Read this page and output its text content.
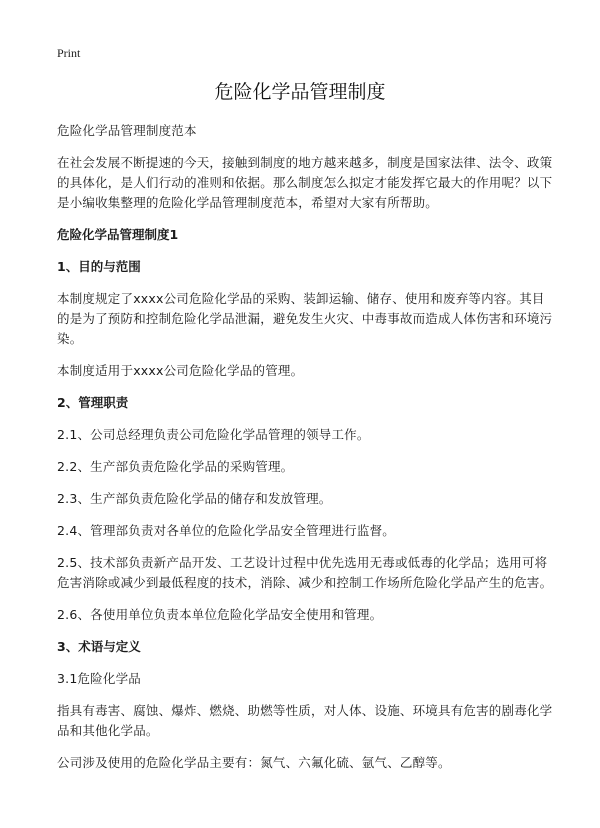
Print
危险化学品管理制度

危险化学品管理制度范本

在社会发展不断提速的今天，接触到制度的地方越来越多，制度是国家法律、法令、政策的具体化，是人们行动的准则和依据。那么制度怎么拟定才能发挥它最大的作用呢？以下是小编收集整理的危险化学品管理制度范本，希望对大家有所帮助。

危险化学品管理制度1

1、目的与范围

本制度规定了xxxx公司危险化学品的采购、装卸运输、储存、使用和废弃等内容。其目的是为了预防和控制危险化学品泄漏，避免发生火灾、中毒事故而造成人体伤害和环境污染。

本制度适用于xxxx公司危险化学品的管理。

2、管理职责

2.1、公司总经理负责公司危险化学品管理的领导工作。

2.2、生产部负责危险化学品的采购管理。

2.3、生产部负责危险化学品的储存和发放管理。

2.4、管理部负责对各单位的危险化学品安全管理进行监督。

2.5、技术部负责新产品开发、工艺设计过程中优先选用无毒或低毒的化学品；选用可将危害消除或减少到最低程度的技术，消除、减少和控制工作场所危险化学品产生的危害。

2.6、各使用单位负责本单位危险化学品安全使用和管理。

3、术语与定义

3.1危险化学品

指具有毒害、腐蚀、爆炸、燃烧、助燃等性质，对人体、设施、环境具有危害的剧毒化学品和其他化学品。

公司涉及使用的危险化学品主要有：氮气、六氟化硫、氩气、乙醇等。
